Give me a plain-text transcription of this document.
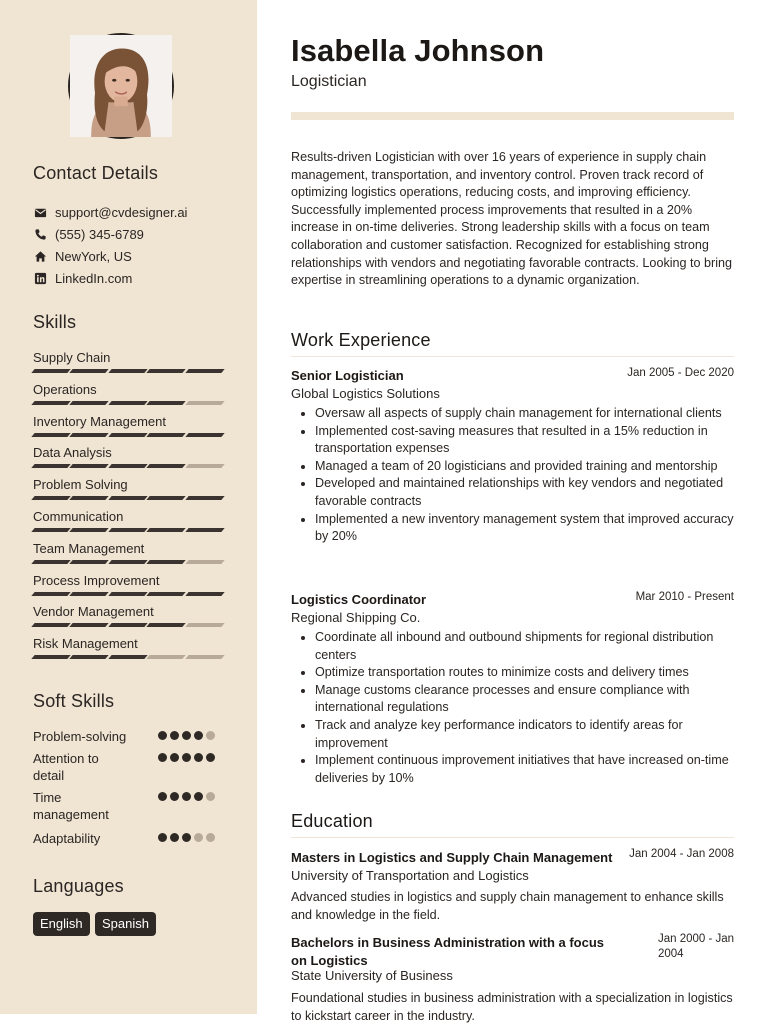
Contact Details
support@cvdesigner.ai
(555) 345-6789
NewYork, US
LinkedIn.com
Skills
Supply Chain
Operations
Inventory Management
Data Analysis
Problem Solving
Communication
Team Management
Process Improvement
Vendor Management
Risk Management
Soft Skills
Problem-solving
Attention to detail
Time management
Adaptability
Languages
English	Spanish
Isabella Johnson
Logistician
Results-driven Logistician with over 16 years of experience in supply chain management, transportation, and inventory control. Proven track record of optimizing logistics operations, reducing costs, and improving efficiency. Successfully implemented process improvements that resulted in a 20% increase in on-time deliveries. Strong leadership skills with a focus on team collaboration and customer satisfaction. Recognized for establishing strong relationships with vendors and negotiating favorable contracts. Looking to bring expertise in streamlining operations to a dynamic organization.
Work Experience
Senior Logistician	Jan 2005 - Dec 2020
Global Logistics Solutions
Oversaw all aspects of supply chain management for international clients
Implemented cost-saving measures that resulted in a 15% reduction in transportation expenses
Managed a team of 20 logisticians and provided training and mentorship
Developed and maintained relationships with key vendors and negotiated favorable contracts
Implemented a new inventory management system that improved accuracy by 20%
Logistics Coordinator	Mar 2010 - Present
Regional Shipping Co.
Coordinate all inbound and outbound shipments for regional distribution centers
Optimize transportation routes to minimize costs and delivery times
Manage customs clearance processes and ensure compliance with international regulations
Track and analyze key performance indicators to identify areas for improvement
Implement continuous improvement initiatives that have increased on-time deliveries by 10%
Education
Masters in Logistics and Supply Chain Management	Jan 2004 - Jan 2008
University of Transportation and Logistics
Advanced studies in logistics and supply chain management to enhance skills and knowledge in the field.
Bachelors in Business Administration with a focus on Logistics
Jan 2000 - Jan 2004
State University of Business
Foundational studies in business administration with a specialization in logistics to kickstart career in the industry.
